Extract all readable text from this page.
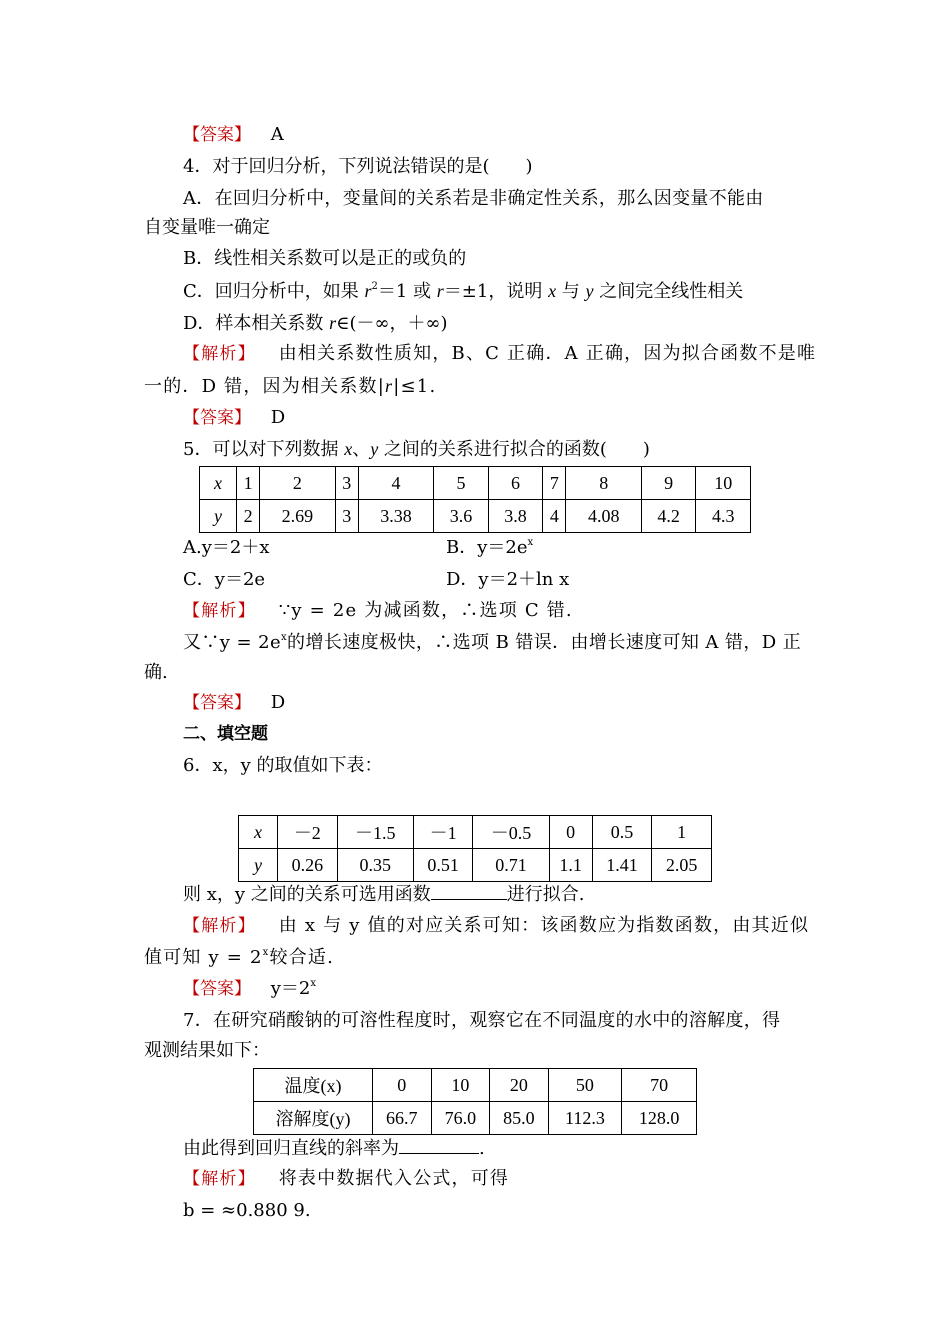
【答案】 A
4．对于回归分析，下列说法错误的是(　　)
A．在回归分析中，变量间的关系若是非确定性关系，那么因变量不能由
自变量唯一确定
B．线性相关系数可以是正的或负的
C．回归分析中，如果 $r^2=1$ 或 r＝±1，说明 x 与 y 之间完全线性相关
D．样本相关系数 r∈(－∞，＋∞)
【解析】 由相关系数性质知，B、C 正确．A 正确，因为拟合函数不是唯
一的．D 错，因为相关系数|r|≤1.
【答案】 D
5．可以对下列数据 x、y 之间的关系进行拟合的函数(　　)
x	1	2	3	4	5	6	7	8	9	10
y	2	2.69	3	3.38	3.6	3.8	4	4.08	4.2	4.3
A.y＝2＋x	B．$y=2e^x$
C．y＝2e	D．y＝2＋ln x
【解析】 ∵y = 2e 为减函数，∴选项 C 错.
又∵y = $2e^x$的增长速度极快，∴选项 B 错误．由增长速度可知 A 错，D 正
确.
【答案】 D
二、填空题
6．x，y 的取值如下表：
x	－2	－1.5	－1	－0.5	0	0.5	1
y	0.26	0.35	0.51	0.71	1.1	1.41	2.05
则 x，y 之间的关系可选用函数	进行拟合.
【解析】 由 x 与 y 值的对应关系可知：该函数应为指数函数，由其近似
值可知 $y = 2^x$较合适.
【答案】 $y=2^x$
7．在研究硝酸钠的可溶性程度时，观察它在不同温度的水中的溶解度，得
观测结果如下：
温度(x)	0	10	20	50	70
溶解度(y)	66.7	76.0	85.0	112.3	128.0
由此得到回归直线的斜率为	.
【解析】 将表中数据代入公式，可得
b = ≈0.880 9.
